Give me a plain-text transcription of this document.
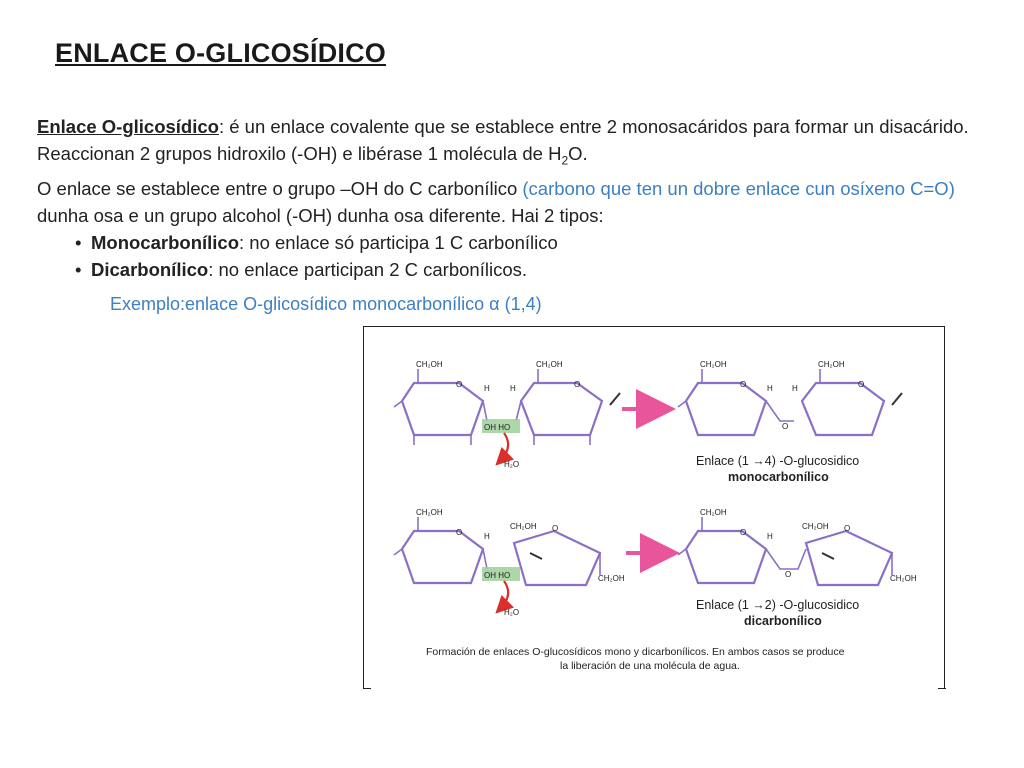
ENLACE O-GLICOSÍDICO

Enlace O-glicosídico: é un enlace covalente que se establece entre 2 monosacáridos para formar un disacárido. Reaccionan 2 grupos hidroxilo (-OH) e libérase 1 molécula de $H_2O$.

O enlace se establece entre o grupo –OH do C carbonílico (carbono que ten un dobre enlace cun osíxeno C=O) dunha osa e un grupo alcohol (-OH) dunha osa diferente. Hai 2 tipos:

• Monocarbonílico: no enlace só participa 1 C carbonílico
• Dicarbonílico: no enlace participan 2 C carbonílicos.
Exemplo:enlace O-glicosídico monocarbonílico α (1,4)
CH₂OH
O	H
CH₂OH
O
H
OH HO
H₂O
CH₂OH
O	H
O
CH₂OH
O
H
Enlace (1 →4) -O-glucosidico
monocarbonílico
CH₂OH
O	H
CH₂OH O
CH₂OH
OH HO
H₂O
CH₂OH
O	H
O
CH₂OH O
CH₂OH
Enlace (1 →2) -O-glucosidico
dicarbonílico
Formación de enlaces O-glucosídicos mono y dicarbonílicos. En ambos casos se produce
la liberación de una molécula de agua.
